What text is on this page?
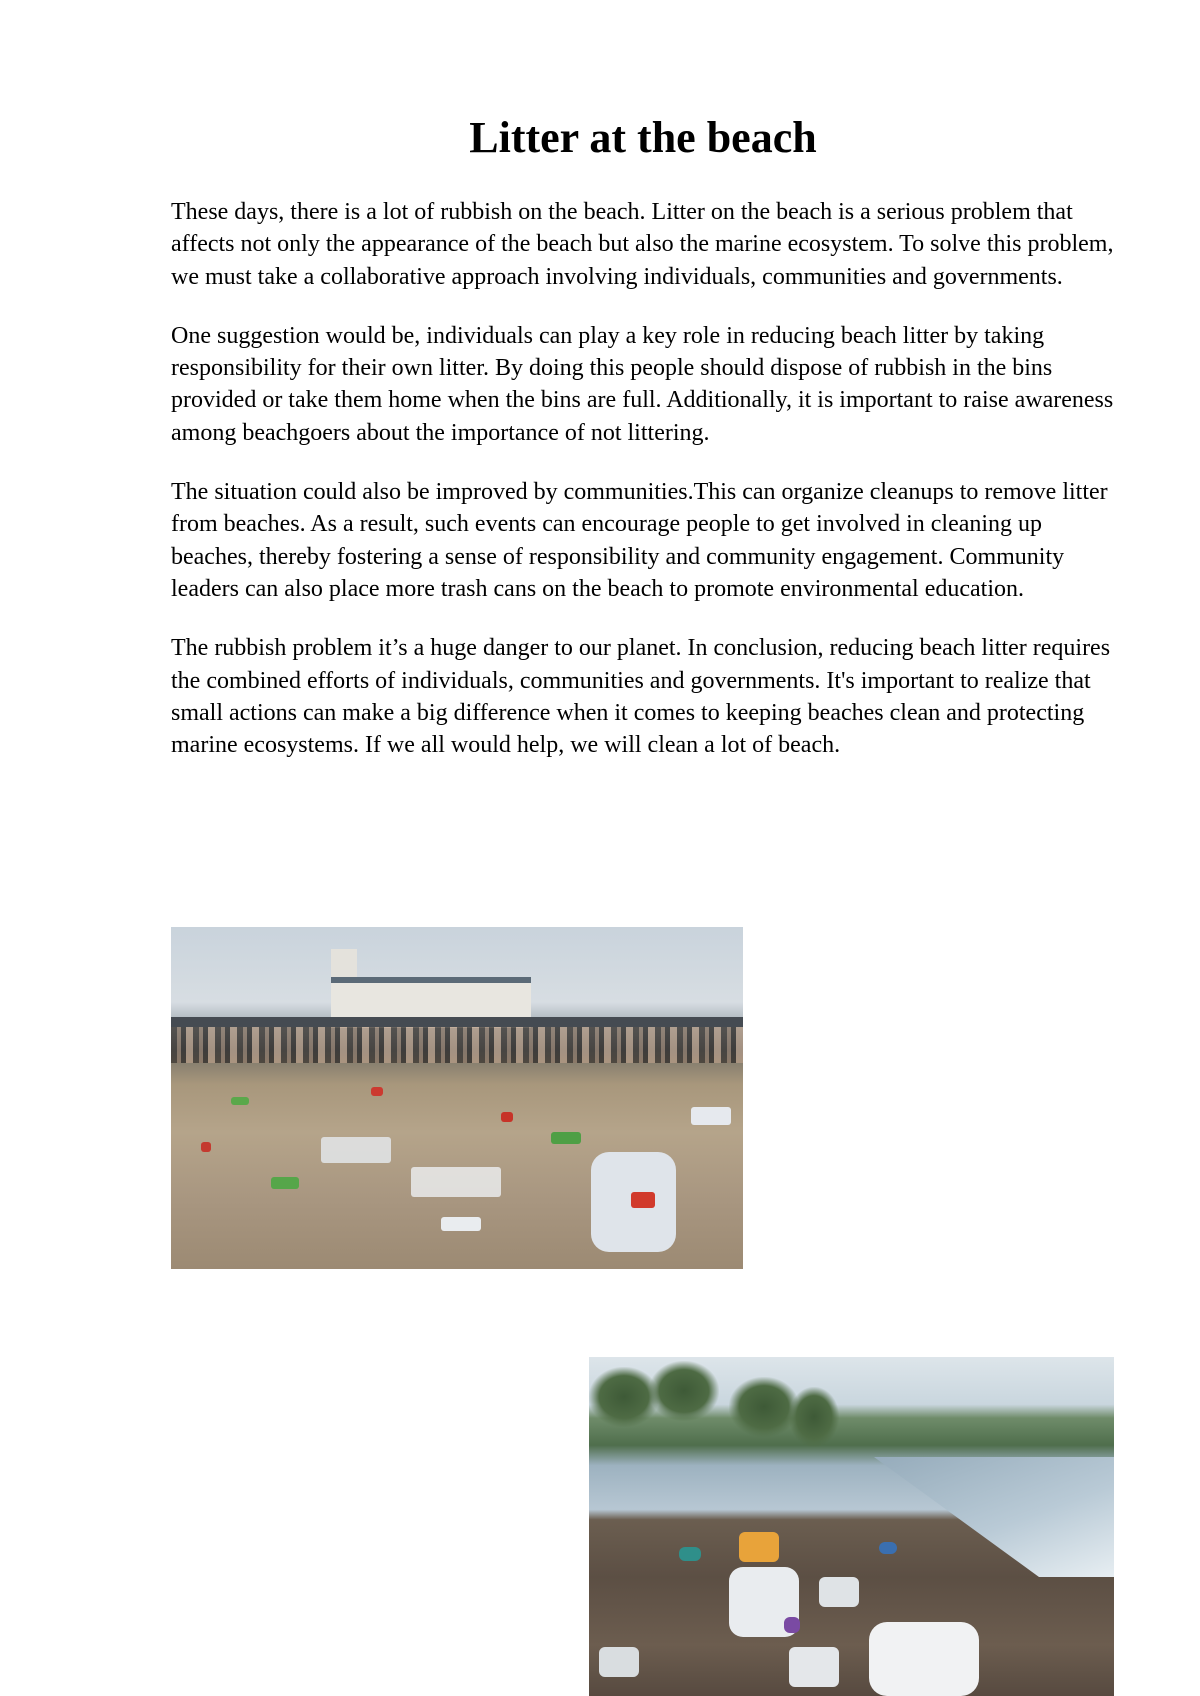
Litter at the beach

These days, there is a lot of rubbish on the beach. Litter on the beach is a serious problem that affects not only the appearance of the beach but also the marine ecosystem. To solve this problem, we must take a collaborative approach involving individuals, communities and governments.

One suggestion would be, individuals can play a key role in reducing beach litter by taking responsibility for their own litter. By doing this people should dispose of rubbish in the bins provided or take them home when the bins are full. Additionally, it is important to raise awareness among beachgoers about the importance of not littering.

The situation could also be improved by communities.This can organize cleanups to remove litter from beaches. As a result, such events can encourage people to get involved in cleaning up beaches, thereby fostering a sense of responsibility and community engagement. Community leaders can also place more trash cans on the beach to promote environmental education.

The rubbish problem it’s a huge danger to our planet. In conclusion, reducing beach litter requires the combined efforts of individuals, communities and governments. It's important to realize that small actions can make a big difference when it comes to keeping beaches clean and protecting marine ecosystems. If we all would help, we will clean a lot of beach.
